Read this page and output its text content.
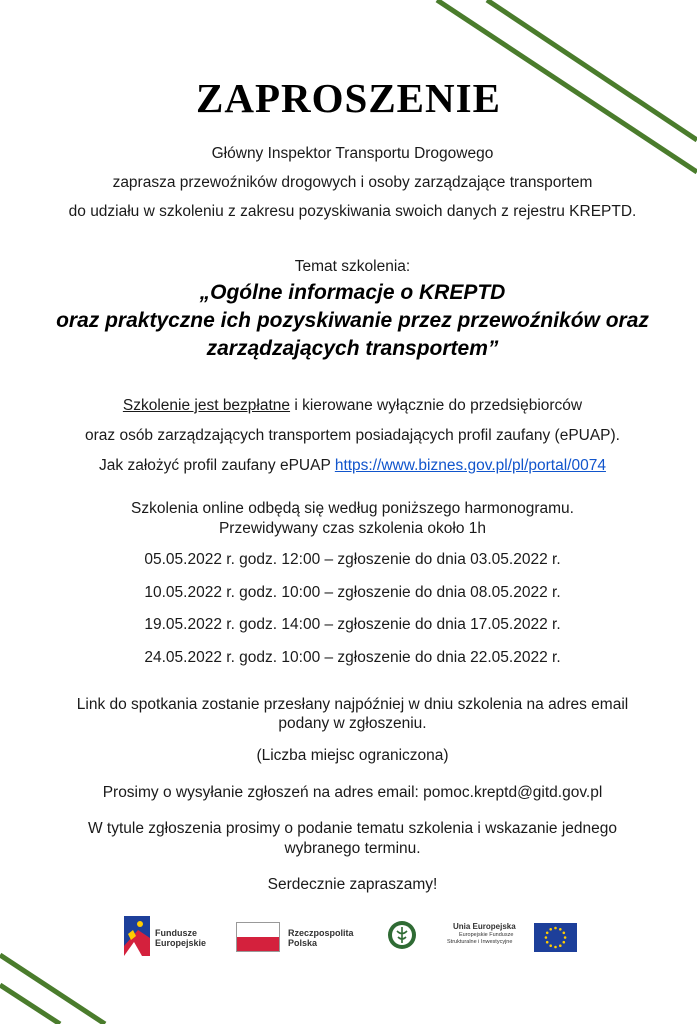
ZAPROSZENIE
Główny Inspektor Transportu Drogowego
zaprasza przewoźników drogowych i osoby zarządzające transportem
do udziału w szkoleniu z zakresu pozyskiwania swoich danych z rejestru KREPTD.
Temat szkolenia:
„Ogólne informacje o KREPTD
oraz praktyczne ich pozyskiwanie przez przewoźników oraz
zarządzających transportem”
Szkolenie jest bezpłatne i kierowane wyłącznie do przedsiębiorców
oraz osób zarządzających transportem posiadających profil zaufany (ePUAP).
Jak założyć profil zaufany ePUAP https://www.biznes.gov.pl/pl/portal/0074
Szkolenia online odbędą się według poniższego harmonogramu.
Przewidywany czas szkolenia około 1h
05.05.2022 r. godz. 12:00 – zgłoszenie do dnia 03.05.2022 r.
10.05.2022 r. godz. 10:00 – zgłoszenie do dnia 08.05.2022 r.
19.05.2022 r. godz. 14:00 – zgłoszenie do dnia 17.05.2022 r.
24.05.2022 r. godz. 10:00 – zgłoszenie do dnia 22.05.2022 r.
Link do spotkania zostanie przesłany najpóźniej w dniu szkolenia na adres email
podany w zgłoszeniu.
(Liczba miejsc ograniczona)
Prosimy o wysyłanie zgłoszeń na adres email: pomoc.kreptd@gitd.gov.pl
W tytule zgłoszenia prosimy o podanie tematu szkolenia i wskazanie jednego
wybranego terminu.
Serdecznie zapraszamy!
Fundusze
Europejskie
Rzeczpospolita
Polska
Unia Europejska
Europejskie Fundusze
Strukturalne i Inwestycyjne
